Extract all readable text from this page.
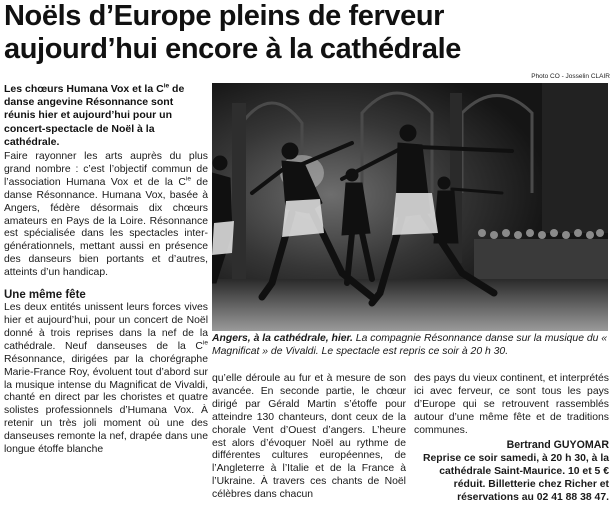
Noëls d’Europe pleins de ferveur
aujourd’hui encore à la cathédrale
Les chœurs Humana Vox et la $C^{ie}$ de danse angevine Résonnance sont réunis hier et aujourd’hui pour un concert-spectacle de Noël à la cathédrale.

Faire rayonner les arts auprès du plus grand nombre : c’est l’objectif commun de l’association Humana Vox et de la $C^{ie}$ de danse Résonnance. Humana Vox, basée à Angers, fédère désormais dix chœurs amateurs en Pays de la Loire. Résonnance est spécialisée dans les spectacles inter-générationnels, mettant aussi en présence des danseurs bien portants et d’autres, atteints d’un handicap.

Une même fête

Les deux entités unissent leurs forces vives hier et aujourd’hui, pour un concert de Noël donné à trois reprises dans la nef de la cathédrale. Neuf danseuses de la $C^{ie}$ Résonnance, dirigées par la chorégraphe Marie-France Roy, évoluent tout d’abord sur la musique intense du Magnificat de Vivaldi, chanté en direct par les choristes et quatre solistes professionnels d’Humana Vox. À retenir un très joli moment où une des danseuses remonte la nef, drapée dans une longue étoffe blanche

Photo CO - Josselin CLAIR
Angers, à la cathédrale, hier. La compagnie Résonnance danse sur la musique du « Magnificat » de Vivaldi. Le spectacle est repris ce soir à 20 h 30.

qu’elle déroule au fur et à mesure de son avancée. En seconde partie, le chœur dirigé par Gérald Martin s’étoffe pour atteindre 130 chanteurs, dont ceux de la chorale Vent d’Ouest d’angers. L’heure est alors d’évoquer Noël au rythme de différentes cultures européennes, de l’Angleterre à l’Italie et de la France à l’Ukraine. À travers ces chants de Noël célèbres dans chacun

des pays du vieux continent, et interprétés ici avec ferveur, ce sont tous les pays d’Europe qui se retrouvent rassemblés autour d’une même fête et de traditions communes.

Bertrand GUYOMAR
Reprise ce soir samedi, à 20 h 30, à la cathédrale Saint-Maurice. 10 et 5 € réduit. Billetterie chez Richer et réservations au 02 41 88 38 47.
